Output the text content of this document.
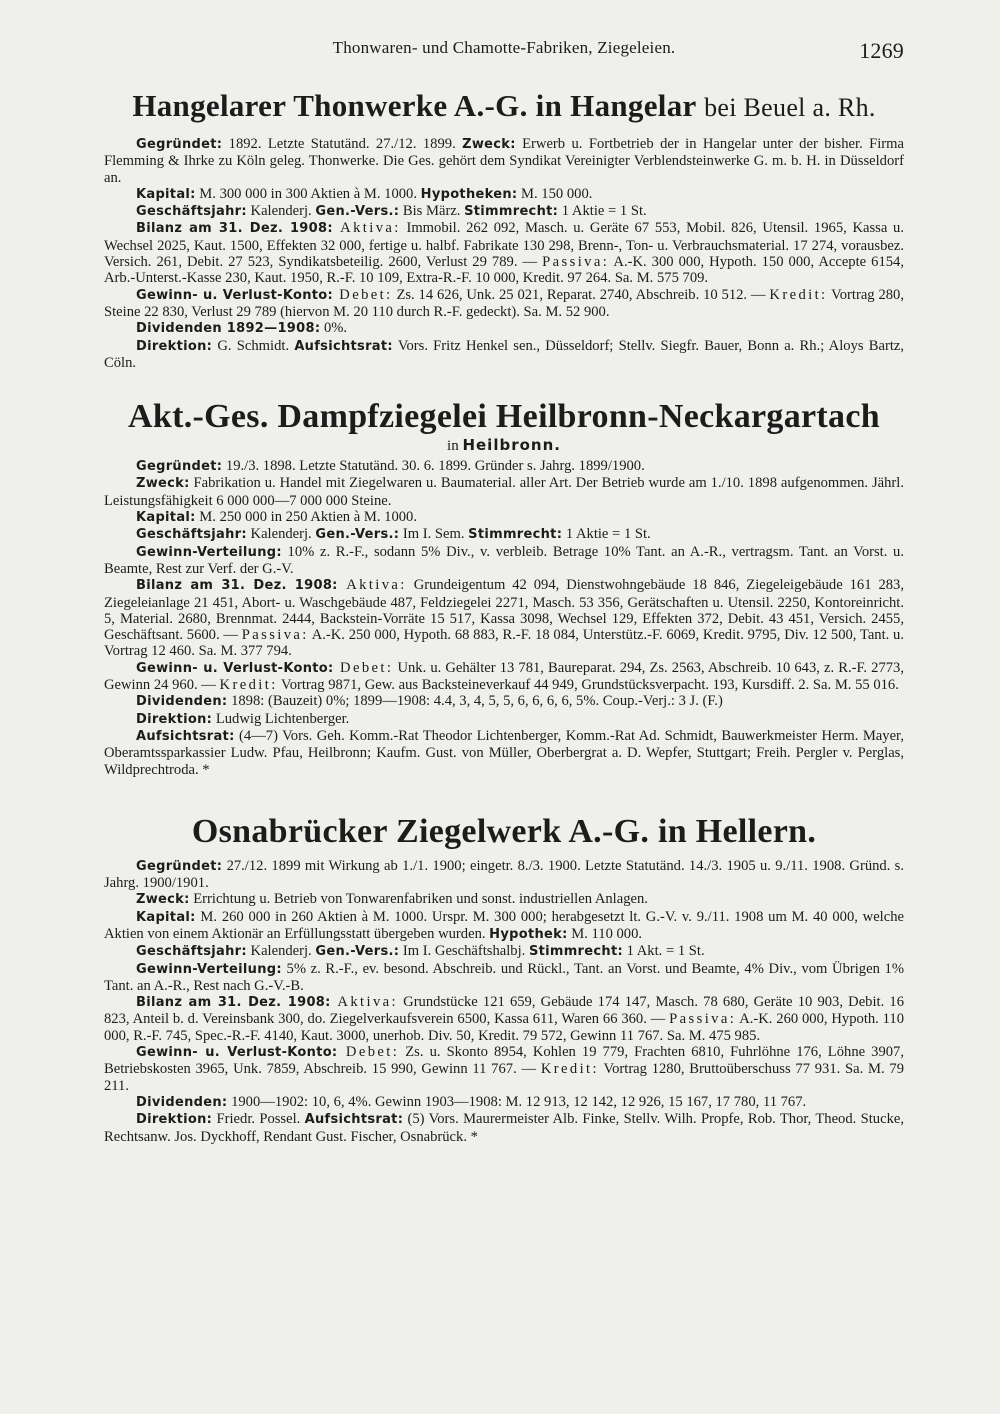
Thonwaren- und Chamotte-Fabriken, Ziegeleien.	1269
Hangelarer Thonwerke A.-G. in Hangelar bei Beuel a. Rh.

Gegründet: 1892. Letzte Statutänd. 27./12. 1899. Zweck: Erwerb u. Fortbetrieb der in Hangelar unter der bisher. Firma Flemming & Ihrke zu Köln geleg. Thonwerke. Die Ges. gehört dem Syndikat Vereinigter Verblendsteinwerke G. m. b. H. in Düsseldorf an.

Kapital: M. 300 000 in 300 Aktien à M. 1000. Hypotheken: M. 150 000.

Geschäftsjahr: Kalenderj. Gen.-Vers.: Bis März. Stimmrecht: 1 Aktie = 1 St.

Bilanz am 31. Dez. 1908: Aktiva: Immobil. 262 092, Masch. u. Geräte 67 553, Mobil. 826, Utensil. 1965, Kassa u. Wechsel 2025, Kaut. 1500, Effekten 32 000, fertige u. halbf. Fabrikate 130 298, Brenn-, Ton- u. Verbrauchsmaterial. 17 274, vorausbez. Versich. 261, Debit. 27 523, Syndikatsbeteilig. 2600, Verlust 29 789. — Passiva: A.-K. 300 000, Hypoth. 150 000, Accepte 6154, Arb.-Unterst.-Kasse 230, Kaut. 1950, R.-F. 10 109, Extra-R.-F. 10 000, Kredit. 97 264. Sa. M. 575 709.

Gewinn- u. Verlust-Konto: Debet: Zs. 14 626, Unk. 25 021, Reparat. 2740, Abschreib. 10 512. — Kredit: Vortrag 280, Steine 22 830, Verlust 29 789 (hiervon M. 20 110 durch R.-F. gedeckt). Sa. M. 52 900.

Dividenden 1892—1908: 0%.

Direktion: G. Schmidt. Aufsichtsrat: Vors. Fritz Henkel sen., Düsseldorf; Stellv. Siegfr. Bauer, Bonn a. Rh.; Aloys Bartz, Cöln.

Akt.-Ges. Dampfziegelei Heilbronn-Neckargartach
in Heilbronn.

Gegründet: 19./3. 1898. Letzte Statutänd. 30. 6. 1899. Gründer s. Jahrg. 1899/1900.

Zweck: Fabrikation u. Handel mit Ziegelwaren u. Baumaterial. aller Art. Der Betrieb wurde am 1./10. 1898 aufgenommen. Jährl. Leistungsfähigkeit 6 000 000—7 000 000 Steine.

Kapital: M. 250 000 in 250 Aktien à M. 1000.

Geschäftsjahr: Kalenderj. Gen.-Vers.: Im I. Sem. Stimmrecht: 1 Aktie = 1 St.

Gewinn-Verteilung: 10% z. R.-F., sodann 5% Div., v. verbleib. Betrage 10% Tant. an A.-R., vertragsm. Tant. an Vorst. u. Beamte, Rest zur Verf. der G.-V.

Bilanz am 31. Dez. 1908: Aktiva: Grundeigentum 42 094, Dienstwohngebäude 18 846, Ziegeleigebäude 161 283, Ziegeleianlage 21 451, Abort- u. Waschgebäude 487, Feldziegelei 2271, Masch. 53 356, Gerätschaften u. Utensil. 2250, Kontoreinricht. 5, Material. 2680, Brennmat. 2444, Backstein-Vorräte 15 517, Kassa 3098, Wechsel 129, Effekten 372, Debit. 43 451, Versich. 2455, Geschäftsant. 5600. — Passiva: A.-K. 250 000, Hypoth. 68 883, R.-F. 18 084, Unterstütz.-F. 6069, Kredit. 9795, Div. 12 500, Tant. u. Vortrag 12 460. Sa. M. 377 794.

Gewinn- u. Verlust-Konto: Debet: Unk. u. Gehälter 13 781, Baureparat. 294, Zs. 2563, Abschreib. 10 643, z. R.-F. 2773, Gewinn 24 960. — Kredit: Vortrag 9871, Gew. aus Backsteineverkauf 44 949, Grundstücksverpacht. 193, Kursdiff. 2. Sa. M. 55 016.

Dividenden: 1898: (Bauzeit) 0%; 1899—1908: 4.4, 3, 4, 5, 5, 6, 6, 6, 6, 5%. Coup.-Verj.: 3 J. (F.)

Direktion: Ludwig Lichtenberger.

Aufsichtsrat: (4—7) Vors. Geh. Komm.-Rat Theodor Lichtenberger, Komm.-Rat Ad. Schmidt, Bauwerkmeister Herm. Mayer, Oberamtssparkassier Ludw. Pfau, Heilbronn; Kaufm. Gust. von Müller, Oberbergrat a. D. Wepfer, Stuttgart; Freih. Pergler v. Perglas, Wildprechtroda. *

Osnabrücker Ziegelwerk A.-G. in Hellern.

Gegründet: 27./12. 1899 mit Wirkung ab 1./1. 1900; eingetr. 8./3. 1900. Letzte Statutänd. 14./3. 1905 u. 9./11. 1908. Gründ. s. Jahrg. 1900/1901.

Zweck: Errichtung u. Betrieb von Tonwarenfabriken und sonst. industriellen Anlagen.

Kapital: M. 260 000 in 260 Aktien à M. 1000. Urspr. M. 300 000; herabgesetzt lt. G.-V. v. 9./11. 1908 um M. 40 000, welche Aktien von einem Aktionär an Erfüllungsstatt übergeben wurden. Hypothek: M. 110 000.

Geschäftsjahr: Kalenderj. Gen.-Vers.: Im I. Geschäftshalbj. Stimmrecht: 1 Akt. = 1 St.

Gewinn-Verteilung: 5% z. R.-F., ev. besond. Abschreib. und Rückl., Tant. an Vorst. und Beamte, 4% Div., vom Übrigen 1% Tant. an A.-R., Rest nach G.-V.-B.

Bilanz am 31. Dez. 1908: Aktiva: Grundstücke 121 659, Gebäude 174 147, Masch. 78 680, Geräte 10 903, Debit. 16 823, Anteil b. d. Vereinsbank 300, do. Ziegelverkaufsverein 6500, Kassa 611, Waren 66 360. — Passiva: A.-K. 260 000, Hypoth. 110 000, R.-F. 745, Spec.-R.-F. 4140, Kaut. 3000, unerhob. Div. 50, Kredit. 79 572, Gewinn 11 767. Sa. M. 475 985.

Gewinn- u. Verlust-Konto: Debet: Zs. u. Skonto 8954, Kohlen 19 779, Frachten 6810, Fuhrlöhne 176, Löhne 3907, Betriebskosten 3965, Unk. 7859, Abschreib. 15 990, Gewinn 11 767. — Kredit: Vortrag 1280, Bruttoüberschuss 77 931. Sa. M. 79 211.

Dividenden: 1900—1902: 10, 6, 4%. Gewinn 1903—1908: M. 12 913, 12 142, 12 926, 15 167, 17 780, 11 767.

Direktion: Friedr. Possel. Aufsichtsrat: (5) Vors. Maurermeister Alb. Finke, Stellv. Wilh. Propfe, Rob. Thor, Theod. Stucke, Rechtsanw. Jos. Dyckhoff, Rendant Gust. Fischer, Osnabrück. *
